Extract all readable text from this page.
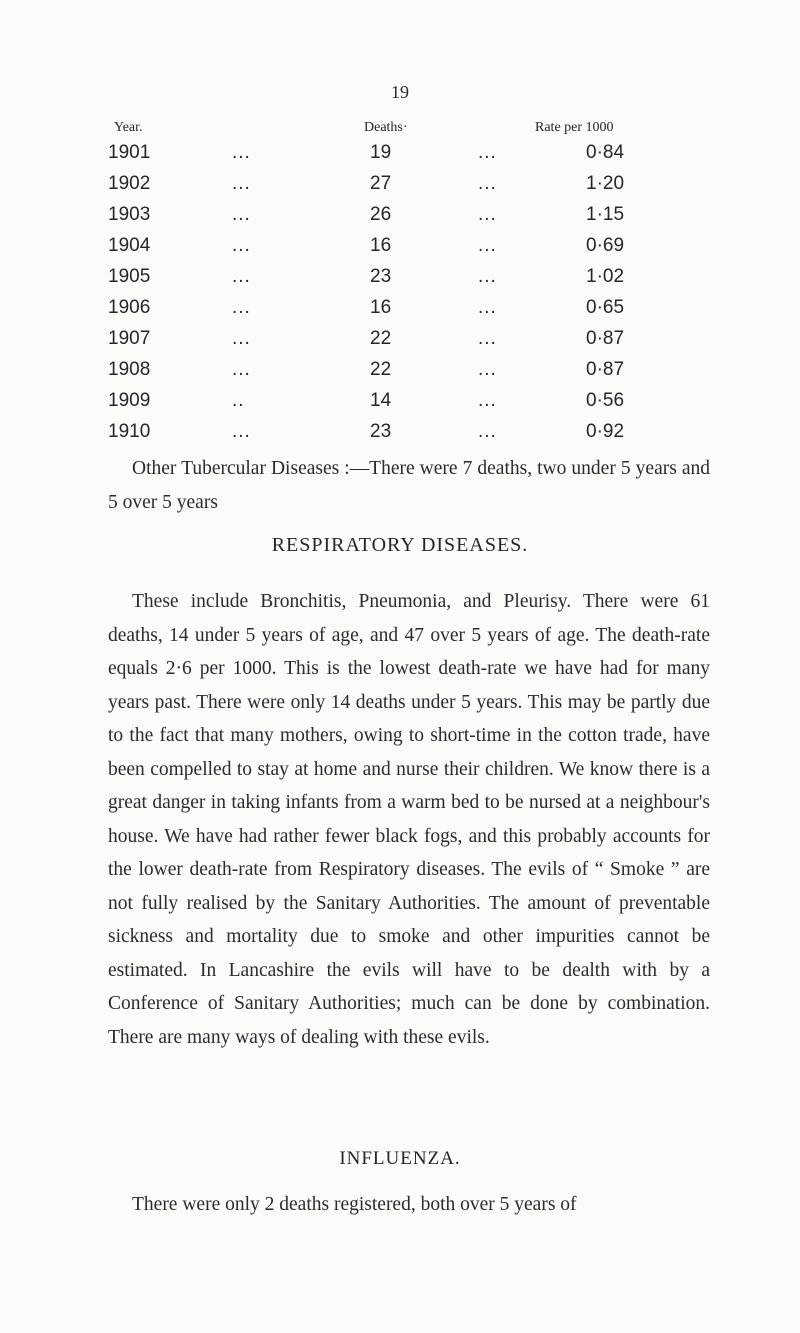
19
Year.	Deaths·	Rate per 1000
1901	...	19	...	0·84
1902	...	27	...	1·20
1903	...	26	...	1·15
1904	...	16	...	0·69
1905	...	23	...	1·02
1906	...	16	...	0·65
1907	...	22	...	0·87
1908	...	22	...	0·87
1909	..	14	...	0·56
1910	...	23	...	0·92

Other Tubercular Diseases :—There were 7 deaths, two under 5 years and 5 over 5 years

RESPIRATORY DISEASES.

These include Bronchitis, Pneumonia, and Pleurisy. There were 61 deaths, 14 under 5 years of age, and 47 over 5 years of age. The death-rate equals 2·6 per 1000. This is the lowest death-rate we have had for many years past. There were only 14 deaths under 5 years. This may be partly due to the fact that many mothers, owing to short-time in the cotton trade, have been compelled to stay at home and nurse their children. We know there is a great danger in taking infants from a warm bed to be nursed at a neighbour's house. We have had rather fewer black fogs, and this probably accounts for the lower death-rate from Respiratory diseases. The evils of “ Smoke ” are not fully realised by the Sanitary Authorities. The amount of preventable sickness and mortality due to smoke and other impurities cannot be estimated. In Lancashire the evils will have to be dealth with by a Conference of Sanitary Authorities; much can be done by combination. There are many ways of dealing with these evils.

INFLUENZA.

There were only 2 deaths registered, both over 5 years of
